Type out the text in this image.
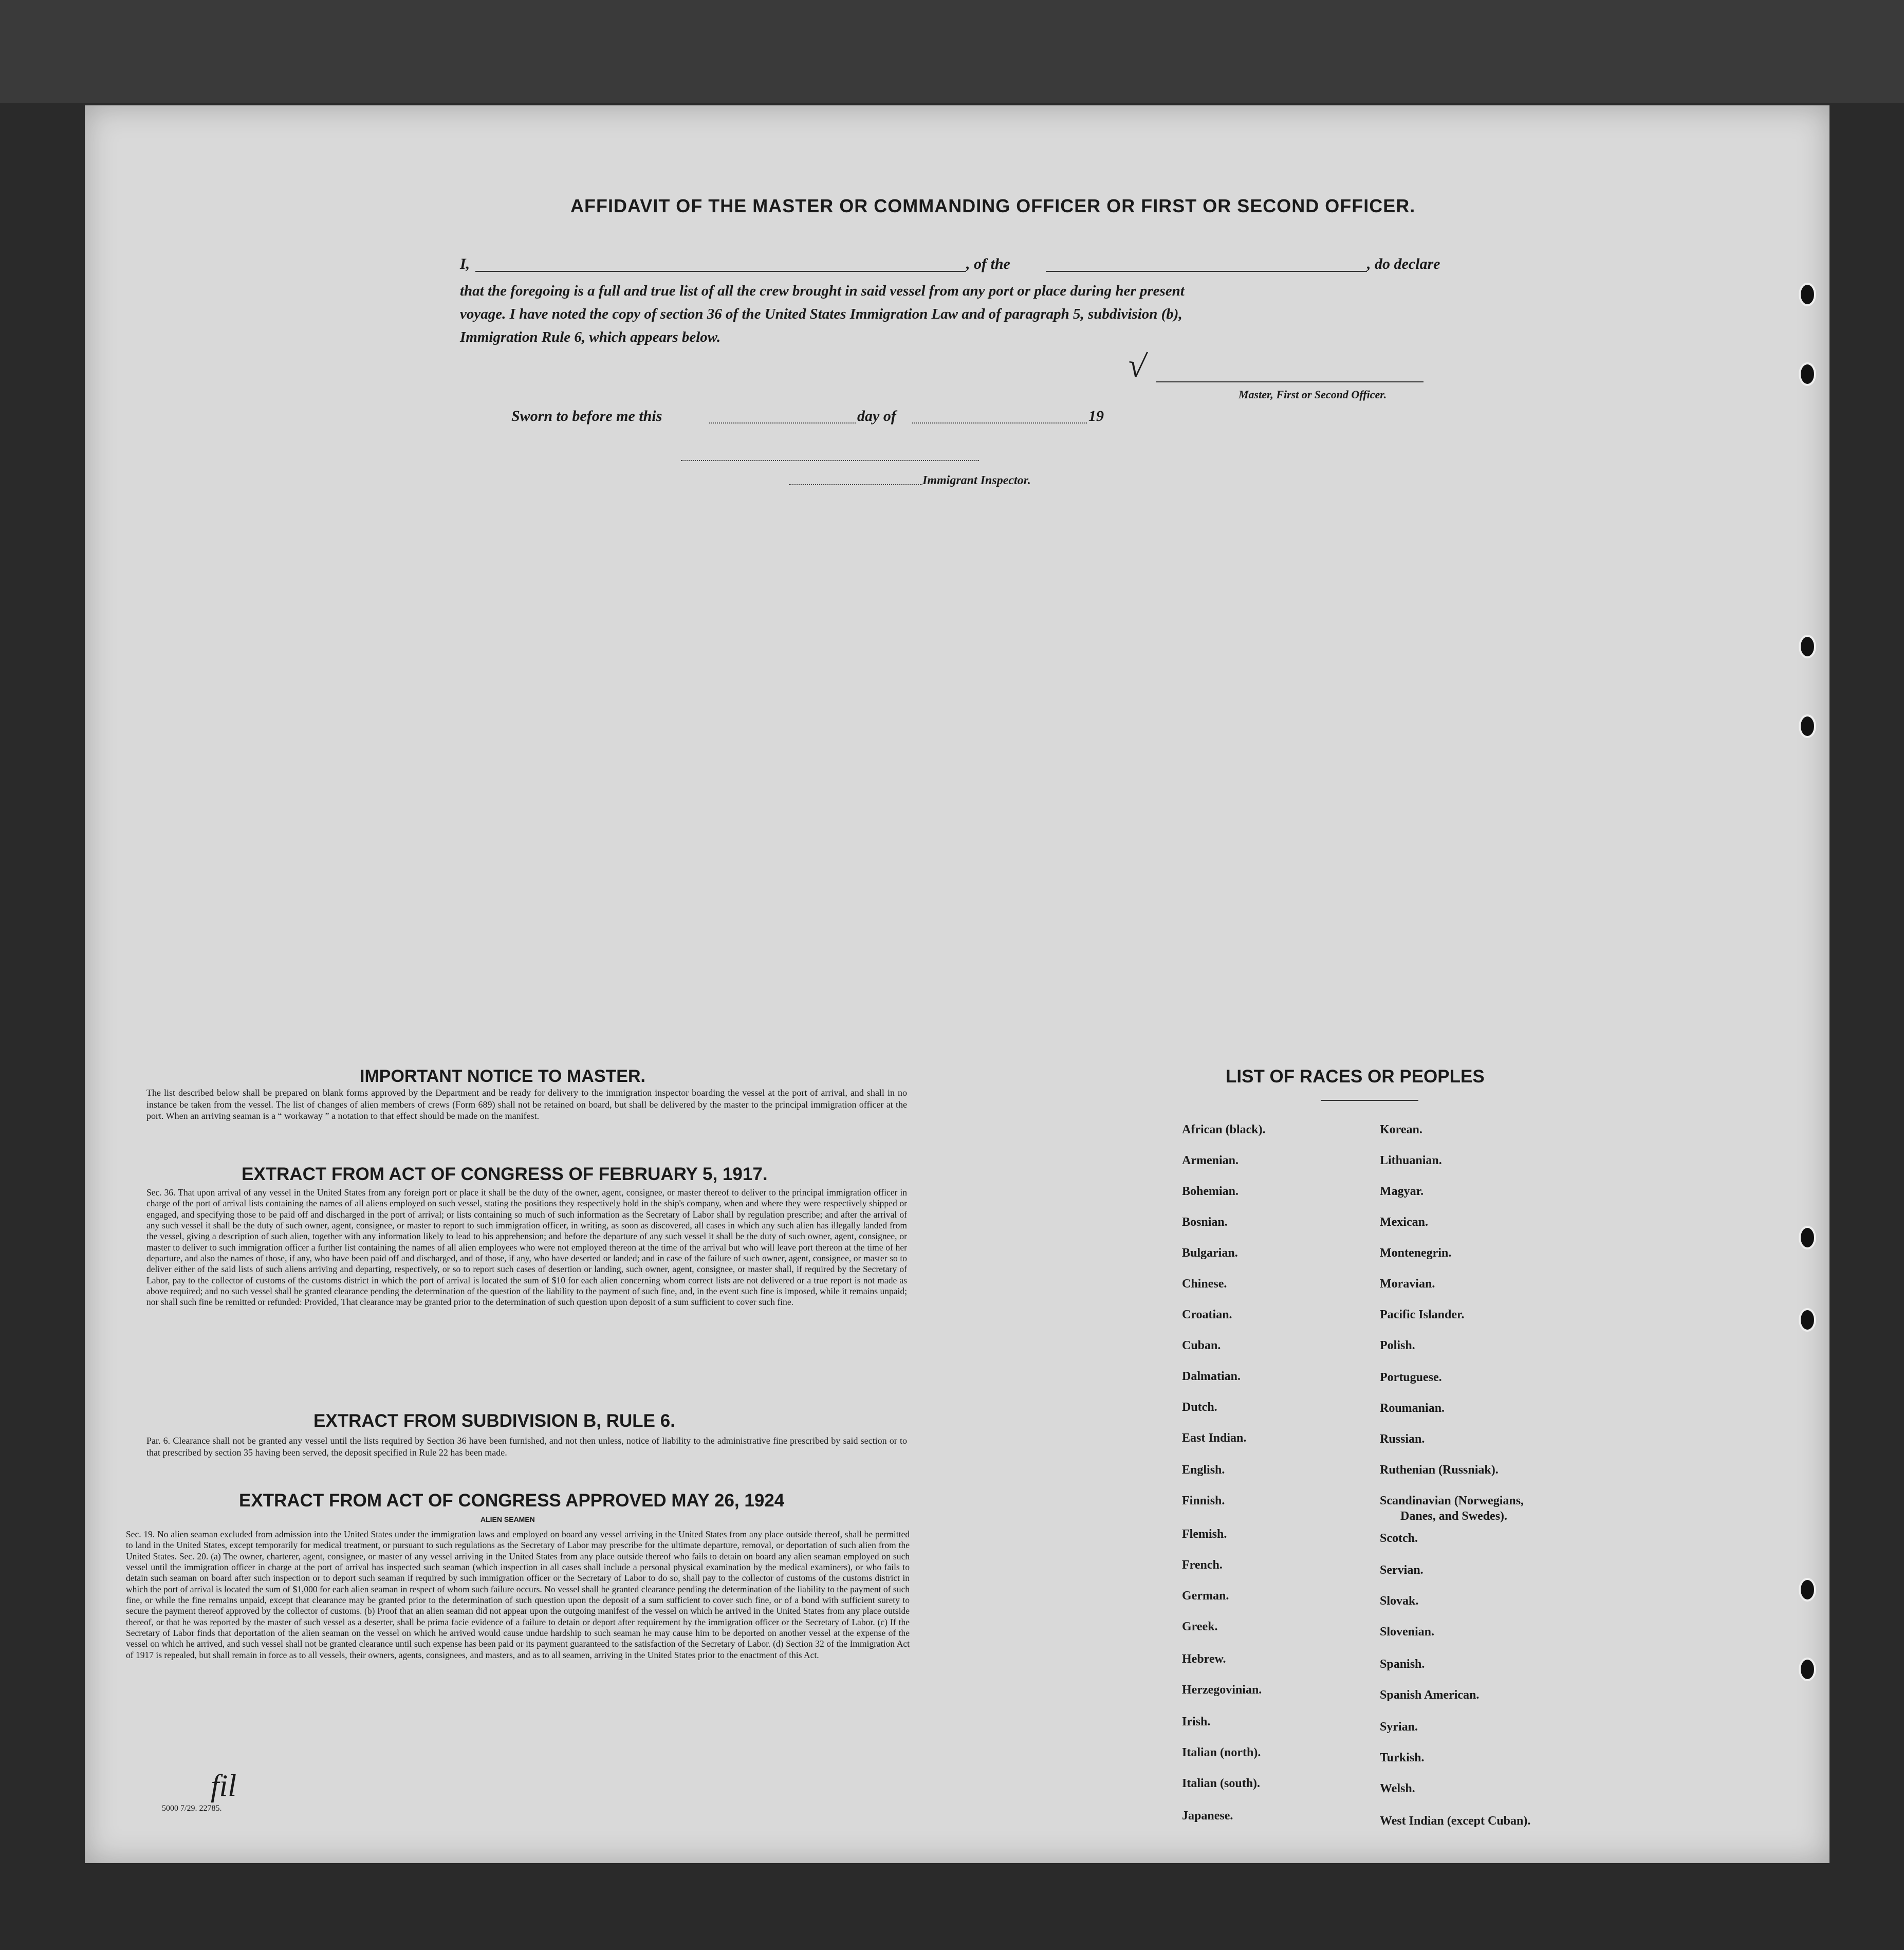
AFFIDAVIT OF THE MASTER OR COMMANDING OFFICER OR FIRST OR SECOND OFFICER.
I,	, of the	, do declare
that the foregoing is a full and true list of all the crew brought in said vessel from any port or place during her present
voyage. I have noted the copy of section 36 of the United States Immigration Law and of paragraph 5, subdivision (b),
Immigration Rule 6, which appears below.
√
Master, First or Second Officer.
Sworn to before me this	day of	19
Immigrant Inspector.
IMPORTANT NOTICE TO MASTER.
The list described below shall be prepared on blank forms approved by the Department and be ready for delivery to the immigration inspector boarding the vessel at the port of arrival, and shall in no instance be taken from the vessel. The list of changes of alien members of crews (Form 689) shall not be retained on board, but shall be delivered by the master to the principal immigration officer at the port. When an arriving seaman is a “ workaway ” a notation to that effect should be made on the manifest.
EXTRACT FROM ACT OF CONGRESS OF FEBRUARY 5, 1917.
Sec. 36. That upon arrival of any vessel in the United States from any foreign port or place it shall be the duty of the owner, agent, consignee, or master thereof to deliver to the principal immigration officer in charge of the port of arrival lists containing the names of all aliens employed on such vessel, stating the positions they respectively hold in the ship's company, when and where they were respectively shipped or engaged, and specifying those to be paid off and discharged in the port of arrival; or lists containing so much of such information as the Secretary of Labor shall by regulation prescribe; and after the arrival of any such vessel it shall be the duty of such owner, agent, consignee, or master to report to such immigration officer, in writing, as soon as discovered, all cases in which any such alien has illegally landed from the vessel, giving a description of such alien, together with any information likely to lead to his apprehension; and before the departure of any such vessel it shall be the duty of such owner, agent, consignee, or master to deliver to such immigration officer a further list containing the names of all alien employees who were not employed thereon at the time of the arrival but who will leave port thereon at the time of her departure, and also the names of those, if any, who have been paid off and discharged, and of those, if any, who have deserted or landed; and in case of the failure of such owner, agent, consignee, or master so to deliver either of the said lists of such aliens arriving and departing, respectively, or so to report such cases of desertion or landing, such owner, agent, consignee, or master shall, if required by the Secretary of Labor, pay to the collector of customs of the customs district in which the port of arrival is located the sum of $10 for each alien concerning whom correct lists are not delivered or a true report is not made as above required; and no such vessel shall be granted clearance pending the determination of the question of the liability to the payment of such fine, and, in the event such fine is imposed, while it remains unpaid; nor shall such fine be remitted or refunded: Provided, That clearance may be granted prior to the determination of such question upon deposit of a sum sufficient to cover such fine.
EXTRACT FROM SUBDIVISION B, RULE 6.
Par. 6. Clearance shall not be granted any vessel until the lists required by Section 36 have been furnished, and not then unless, notice of liability to the administrative fine prescribed by said section or to that prescribed by section 35 having been served, the deposit specified in Rule 22 has been made.
EXTRACT FROM ACT OF CONGRESS APPROVED MAY 26, 1924
ALIEN SEAMEN
Sec. 19. No alien seaman excluded from admission into the United States under the immigration laws and employed on board any vessel arriving in the United States from any place outside thereof, shall be permitted to land in the United States, except temporarily for medical treatment, or pursuant to such regulations as the Secretary of Labor may prescribe for the ultimate departure, removal, or deportation of such alien from the United States. Sec. 20. (a) The owner, charterer, agent, consignee, or master of any vessel arriving in the United States from any place outside thereof who fails to detain on board any alien seaman employed on such vessel until the immigration officer in charge at the port of arrival has inspected such seaman (which inspection in all cases shall include a personal physical examination by the medical examiners), or who fails to detain such seaman on board after such inspection or to deport such seaman if required by such immigration officer or the Secretary of Labor to do so, shall pay to the collector of customs of the customs district in which the port of arrival is located the sum of $1,000 for each alien seaman in respect of whom such failure occurs. No vessel shall be granted clearance pending the determination of the liability to the payment of such fine, or while the fine remains unpaid, except that clearance may be granted prior to the determination of such question upon the deposit of a sum sufficient to cover such fine, or of a bond with sufficient surety to secure the payment thereof approved by the collector of customs. (b) Proof that an alien seaman did not appear upon the outgoing manifest of the vessel on which he arrived in the United States from any place outside thereof, or that he was reported by the master of such vessel as a deserter, shall be prima facie evidence of a failure to detain or deport after requirement by the immigration officer or the Secretary of Labor. (c) If the Secretary of Labor finds that deportation of the alien seaman on the vessel on which he arrived would cause undue hardship to such seaman he may cause him to be deported on another vessel at the expense of the vessel on which he arrived, and such vessel shall not be granted clearance until such expense has been paid or its payment guaranteed to the satisfaction of the Secretary of Labor. (d) Section 32 of the Immigration Act of 1917 is repealed, but shall remain in force as to all vessels, their owners, agents, consignees, and masters, and as to all seamen, arriving in the United States prior to the enactment of this Act.
LIST OF RACES OR PEOPLES
African (black).
Armenian.
Bohemian.
Bosnian.
Bulgarian.
Chinese.
Croatian.
Cuban.
Dalmatian.
Dutch.
East Indian.
English.
Finnish.
Flemish.
French.
German.
Greek.
Hebrew.
Herzegovinian.
Irish.
Italian (north).
Italian (south).
Japanese.
Korean.
Lithuanian.
Magyar.
Mexican.
Montenegrin.
Moravian.
Pacific Islander.
Polish.
Portuguese.
Roumanian.
Russian.
Ruthenian (Russniak).
Scandinavian (Norwegians,
Danes, and Swedes).
Scotch.
Servian.
Slovak.
Slovenian.
Spanish.
Spanish American.
Syrian.
Turkish.
Welsh.
West Indian (except Cuban).
fil
5000 7/29. 22785.
